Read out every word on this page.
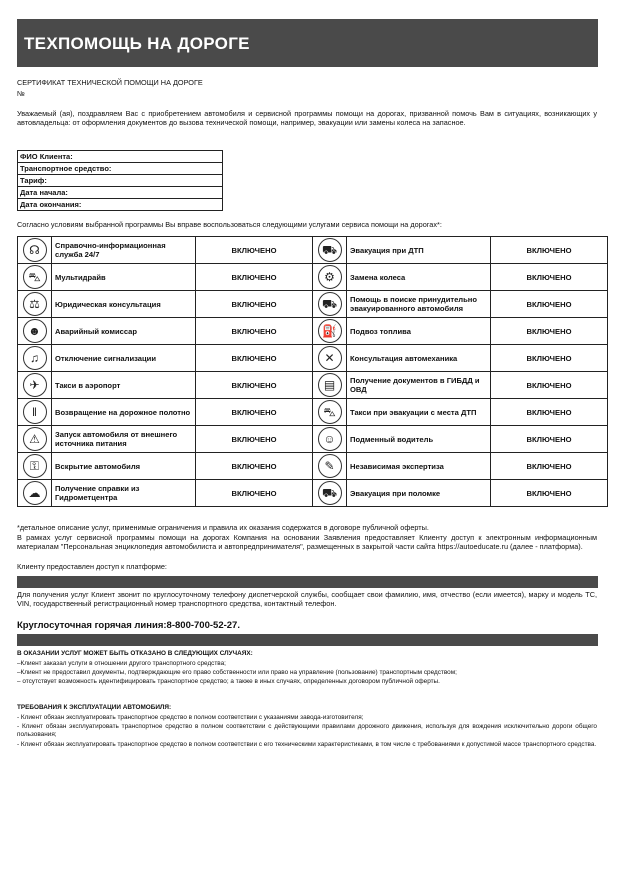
ТЕХПОМОЩЬ НА ДОРОГЕ
СЕРТИФИКАТ ТЕХНИЧЕСКОЙ ПОМОЩИ НА ДОРОГЕ
№
Уважаемый (ая), поздравляем Вас с приобретением автомобиля и сервисной программы помощи на дорогах, призванной помочь Вам в ситуациях, возникающих у автовладельца: от оформления документов до вызова технической помощи, например, эвакуации или замены колеса на запасное.
ФИО Клиента:
Транспортное средство:
Тариф:
Дата начала:
Дата окончания:
Согласно условиям выбранной программы Вы вправе воспользоваться следующими услугами сервиса помощи на дорогах*:
☊	Справочно-информационная служба 24/7	ВКЛЮЧЕНО	⛟	Эвакуация при ДТП	ВКЛЮЧЕНО
⛍	Мультидрайв	ВКЛЮЧЕНО	⚙	Замена колеса	ВКЛЮЧЕНО
⚖	Юридическая консультация	ВКЛЮЧЕНО	⛟	Помощь в поиске принудительно эвакуированного автомобиля	ВКЛЮЧЕНО
☻	Аварийный комиссар	ВКЛЮЧЕНО	⛽	Подвоз топлива	ВКЛЮЧЕНО
♫	Отключение сигнализации	ВКЛЮЧЕНО	✕	Консультация автомеханика	ВКЛЮЧЕНО
✈	Такси в аэропорт	ВКЛЮЧЕНО	▤	Получение документов в ГИБДД и ОВД	ВКЛЮЧЕНО
‖	Возвращение на дорожное полотно	ВКЛЮЧЕНО	⛍	Такси при эвакуации с места ДТП	ВКЛЮЧЕНО
⚠	Запуск автомобиля от внешнего источника питания	ВКЛЮЧЕНО	☺	Подменный водитель	ВКЛЮЧЕНО
⚿	Вскрытие автомобиля	ВКЛЮЧЕНО	✎	Независимая экспертиза	ВКЛЮЧЕНО
☁	Получение справки из Гидрометцентра	ВКЛЮЧЕНО	⛟	Эвакуация при поломке	ВКЛЮЧЕНО
*детальное описание услуг, применимые ограничения и правила их оказания содержатся в договоре публичной оферты.
В рамках услуг сервисной программы помощи на дорогах Компания на основании Заявления предоставляет Клиенту доступ к электронным информационным материалам "Персональная энциклопедия автомобилиста и автопредпринимателя", размещенных в закрытой части сайта https://autoeducate.ru (далее - платформа).
Клиенту предоставлен доступ к платформе:
Для получения услуг Клиент звонит по круглосуточному телефону диспетчерской службы, сообщает свои фамилию, имя, отчество (если имеется), марку и модель ТС, VIN, государственный регистрационный номер транспортного средства, контактный телефон.
Круглосуточная горячая линия:8-800-700-52-27.
В ОКАЗАНИИ УСЛУГ МОЖЕТ БЫТЬ ОТКАЗАНО В СЛЕДУЮЩИХ СЛУЧАЯХ:
–Клиент заказал услуги в отношении другого транспортного средства;
–Клиент не предоставил документы, подтверждающие его право собственности или право на управление (пользование) транспортным средством;
– отсутствует возможность идентифицировать транспортное средство; а также в иных случаях, определенных договором публичной оферты.
ТРЕБОВАНИЯ К ЭКСПЛУАТАЦИИ АВТОМОБИЛЯ:
- Клиент обязан эксплуатировать транспортное средство в полном соответствии с указаниями завода-изготовителя;
- Клиент обязан эксплуатировать транспортное средство в полном соответствии с действующими правилами дорожного движения, используя для вождения исключительно дороги общего пользования;
- Клиент обязан эксплуатировать транспортное средство в полном соответствии с его техническими характеристиками, в том числе с требованиями к допустимой массе транспортного средства.
